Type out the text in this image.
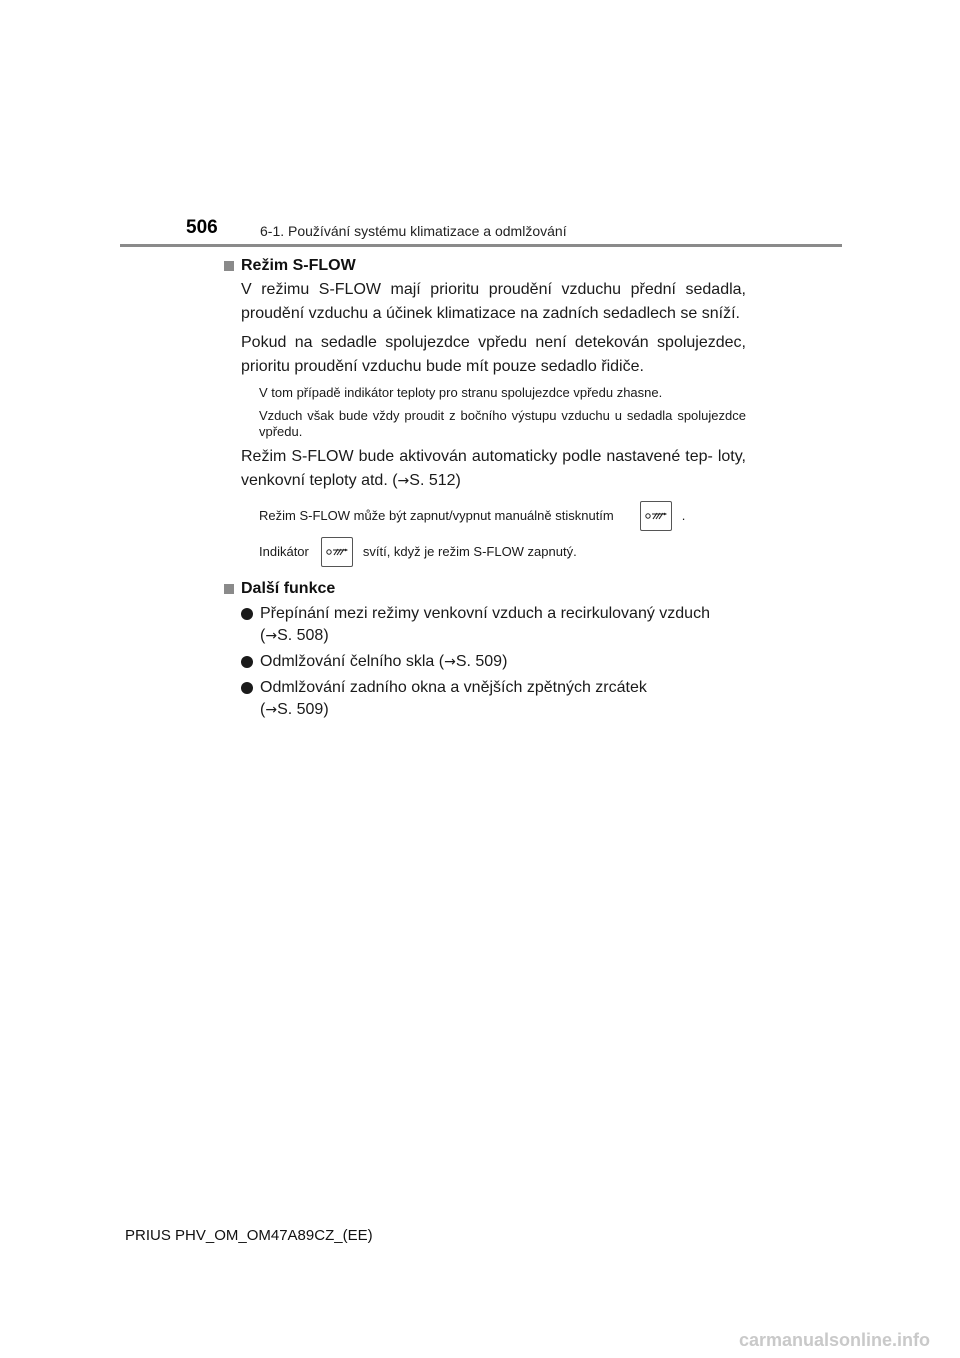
506	6-1. Používání systému klimatizace a odmlžování
Režim S-FLOW

V režimu S-FLOW mají prioritu proudění vzduchu přední sedadla, proudění vzduchu a účinek klimatizace na zadních sedadlech se sníží.

Pokud na sedadle spolujezdce vpředu není detekován spolujezdec, prioritu proudění vzduchu bude mít pouze sedadlo řidiče.

V tom případě indikátor teploty pro stranu spolujezdce vpředu zhasne.

Vzduch však bude vždy proudit z bočního výstupu vzduchu u sedadla spolujezdce vpředu.

Režim S-FLOW bude aktivován automaticky podle nastavené tep- loty, venkovní teploty atd. (→S. 512)

Režim S-FLOW může být zapnut/vypnut manuálně stisknutím	.
Indikátor	svítí, když je režim S-FLOW zapnutý.
Další funkce
Přepínání mezi režimy venkovní vzduch a recirkulovaný vzduch
(→S. 508)
Odmlžování čelního skla (→S. 509)
Odmlžování zadního okna a vnějších zpětných zrcátek
(→S. 509)
PRIUS PHV_OM_OM47A89CZ_(EE)
carmanualsonline.info
